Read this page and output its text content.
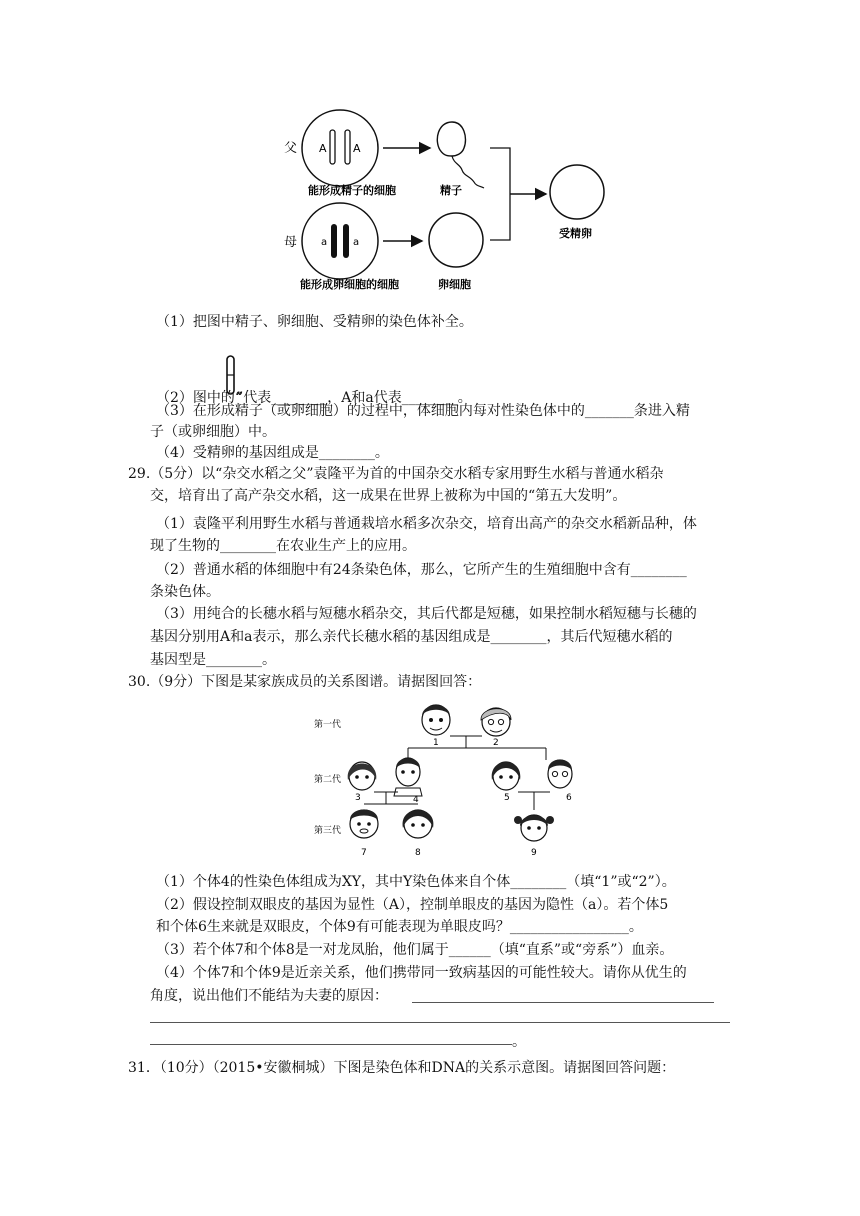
父
母
A A
能形成精子的细胞
a	a
能形成卵细胞的细胞
精子
卵细胞
受精卵
（1）把图中精子、卵细胞、受精卵的染色体补全。
（2）图中的“”代表________，A和a代表________。
（3）在形成精子（或卵细胞）的过程中，体细胞内每对性染色体中的_______条进入精
子（或卵细胞）中。
（4）受精卵的基因组成是________。
29.（5分）以“杂交水稻之父”袁隆平为首的中国杂交水稻专家用野生水稻与普通水稻杂
交，培育出了高产杂交水稻，这一成果在世界上被称为中国的“第五大发明”。
（1）袁隆平利用野生水稻与普通栽培水稻多次杂交，培育出高产的杂交水稻新品种，体
现了生物的________在农业生产上的应用。
（2）普通水稻的体细胞中有24条染色体，那么，它所产生的生殖细胞中含有________
条染色体。
（3）用纯合的长穗水稻与短穗水稻杂交，其后代都是短穗，如果控制水稻短穗与长穗的
基因分别用A和a表示，那么亲代长穗水稻的基因组成是________，其后代短穗水稻的
基因型是________。
30.（9分）下图是某家族成员的关系图谱。请据图回答：
第一代
第二代
第三代
1	2
3	4	5	6
7	8	9
（1）个体4的性染色体组成为XY，其中Y染色体来自个体________（填“1”或“2”）。
（2）假设控制双眼皮的基因为显性（A），控制单眼皮的基因为隐性（a）。若个体5
和个体6生来就是双眼皮，个体9有可能表现为单眼皮吗？_________________。
（3）若个体7和个体8是一对龙凤胎，他们属于______（填“直系”或“旁系”）血亲。
（4）个体7和个体9是近亲关系，他们携带同一致病基因的可能性较大。请你从优生的
角度，说出他们不能结为夫妻的原因：
。
31．（10分）（2015•安徽桐城）下图是染色体和DNA的关系示意图。请据图回答问题：
